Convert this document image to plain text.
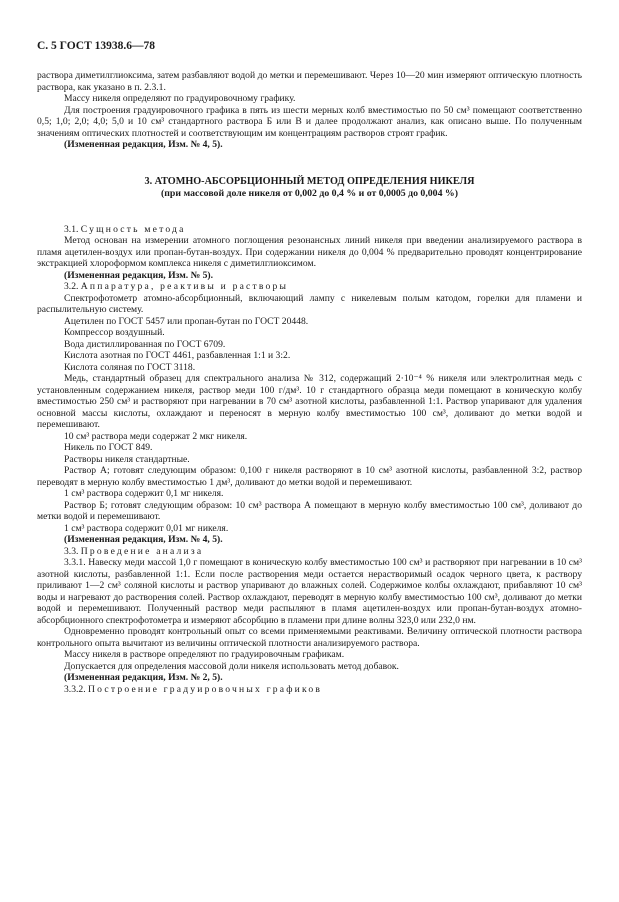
С. 5 ГОСТ 13938.6—78

раствора диметилглиоксима, затем разбавляют водой до метки и перемешивают. Через 10—20 мин измеряют оптическую плотность раствора, как указано в п. 2.3.1.

Массу никеля определяют по градуировочному графику.

Для построения градуировочного графика в пять из шести мерных колб вместимостью по 50 см³ помещают соответственно 0,5; 1,0; 2,0; 4,0; 5,0 и 10 см³ стандартного раствора Б или В и далее продолжают анализ, как описано выше. По полученным значениям оптических плотностей и соответствующим им концентрациям растворов строят график.

(Измененная редакция, Изм. № 4, 5).

3. АТОМНО-АБСОРБЦИОННЫЙ МЕТОД ОПРЕДЕЛЕНИЯ НИКЕЛЯ
(при массовой доле никеля от 0,002 до 0,4 % и от 0,0005 до 0,004 %)

3.1. Сущность метода

Метод основан на измерении атомного поглощения резонансных линий никеля при введении анализируемого раствора в пламя ацетилен-воздух или пропан-бутан-воздух. При содержании никеля до 0,004 % предварительно проводят концентрирование экстракцией хлороформом комплекса никеля с диметилглиоксимом.

(Измененная редакция, Изм. № 5).

3.2. Аппаратура, реактивы и растворы

Спектрофотометр атомно-абсорбционный, включающий лампу с никелевым полым катодом, горелки для пламени и распылительную систему.

Ацетилен по ГОСТ 5457 или пропан-бутан по ГОСТ 20448.

Компрессор воздушный.

Вода дистиллированная по ГОСТ 6709.

Кислота азотная по ГОСТ 4461, разбавленная 1:1 и 3:2.

Кислота соляная по ГОСТ 3118.

Медь, стандартный образец для спектрального анализа № 312, содержащий 2·10⁻⁴ % никеля или электролитная медь с установленным содержанием никеля, раствор меди 100 г/дм³. 10 г стандартного образца меди помещают в коническую колбу вместимостью 250 см³ и растворяют при нагревании в 70 см³ азотной кислоты, разбавленной 1:1. Раствор упаривают для удаления основной массы кислоты, охлаждают и переносят в мерную колбу вместимостью 100 см³, доливают до метки водой и перемешивают.

10 см³ раствора меди содержат 2 мкг никеля.

Никель по ГОСТ 849.

Растворы никеля стандартные.

Раствор А; готовят следующим образом: 0,100 г никеля растворяют в 10 см³ азотной кислоты, разбавленной 3:2, раствор переводят в мерную колбу вместимостью 1 дм³, доливают до метки водой и перемешивают.

1 см³ раствора содержит 0,1 мг никеля.

Раствор Б; готовят следующим образом: 10 см³ раствора А помещают в мерную колбу вместимостью 100 см³, доливают до метки водой и перемешивают.

1 см³ раствора содержит 0,01 мг никеля.

(Измененная редакция, Изм. № 4, 5).

3.3. Проведение анализа

3.3.1. Навеску меди массой 1,0 г помещают в коническую колбу вместимостью 100 см³ и растворяют при нагревании в 10 см³ азотной кислоты, разбавленной 1:1. Если после растворения меди остается нерастворимый осадок черного цвета, к раствору приливают 1—2 см³ соляной кислоты и раствор упаривают до влажных солей. Содержимое колбы охлаждают, прибавляют 10 см³ воды и нагревают до растворения солей. Раствор охлаждают, переводят в мерную колбу вместимостью 100 см³, доливают до метки водой и перемешивают. Полученный раствор меди распыляют в пламя ацетилен-воздух или пропан-бутан-воздух атомно-абсорбционного спектрофотометра и измеряют абсорбцию в пламени при длине волны 323,0 или 232,0 нм.

Одновременно проводят контрольный опыт со всеми применяемыми реактивами. Величину оптической плотности раствора контрольного опыта вычитают из величины оптической плотности анализируемого раствора.

Массу никеля в растворе определяют по градуировочным графикам.

Допускается для определения массовой доли никеля использовать метод добавок.

(Измененная редакция, Изм. № 2, 5).

3.3.2. Построение градуировочных графиков
